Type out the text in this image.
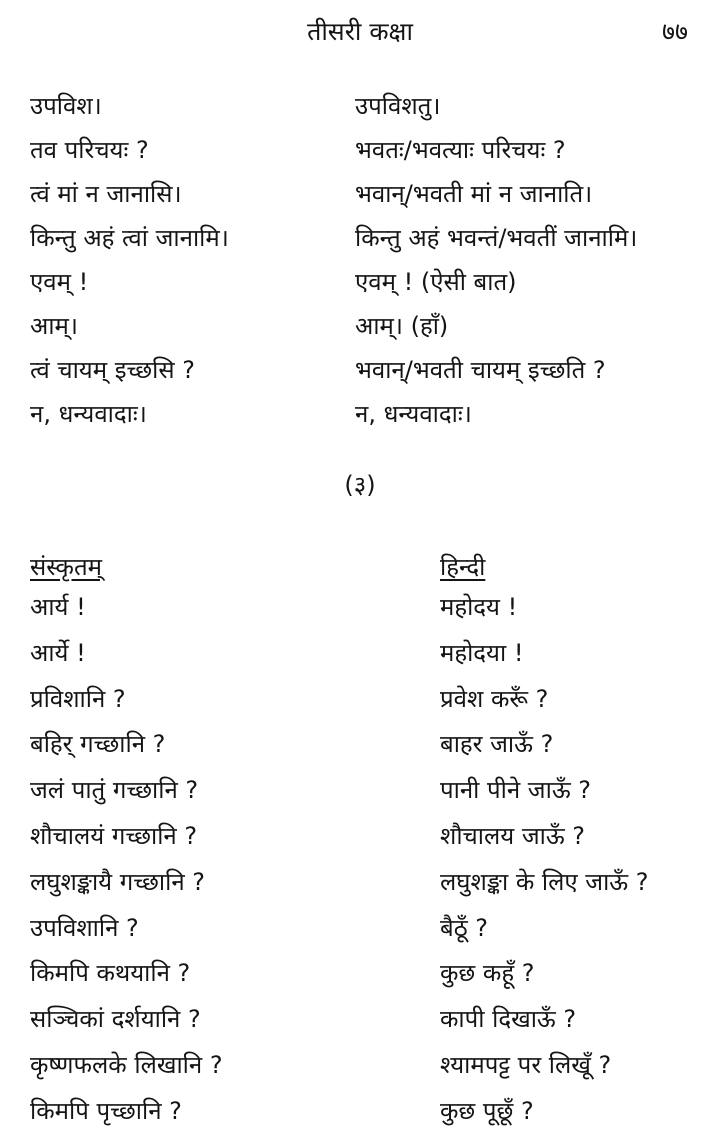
तीसरी कक्षा	७७
उपविश।
तव परिचयः ?
त्वं मां न जानासि।
किन्तु अहं त्वां जानामि।
एवम् !
आम्।
त्वं चायम् इच्छसि ?
न, धन्यवादाः।
उपविशतु।
भवतः/भवत्याः परिचयः ?
भवान्/भवती मां न जानाति।
किन्तु अहं भवन्तं/भवतीं जानामि।
एवम् ! (ऐसी बात)
आम्। (हाँ)
भवान्/भवती चायम् इच्छति ?
न, धन्यवादाः।
(३)
संस्कृतम्	हिन्दी
आर्य !
आर्ये !
प्रविशानि ?
बहिर् गच्छानि ?
जलं पातुं गच्छानि ?
शौचालयं गच्छानि ?
लघुशङ्कायै गच्छानि ?
उपविशानि ?
किमपि कथयानि ?
सञ्चिकां दर्शयानि ?
कृष्णफलके लिखानि ?
किमपि पृच्छानि ?
महोदय !
महोदया !
प्रवेश करूँ ?
बाहर जाऊँ ?
पानी पीने जाऊँ ?
शौचालय जाऊँ ?
लघुशङ्का के लिए जाऊँ ?
बैठूँ ?
कुछ कहूँ ?
कापी दिखाऊँ ?
श्यामपट्ट पर लिखूँ ?
कुछ पूछूँ ?
